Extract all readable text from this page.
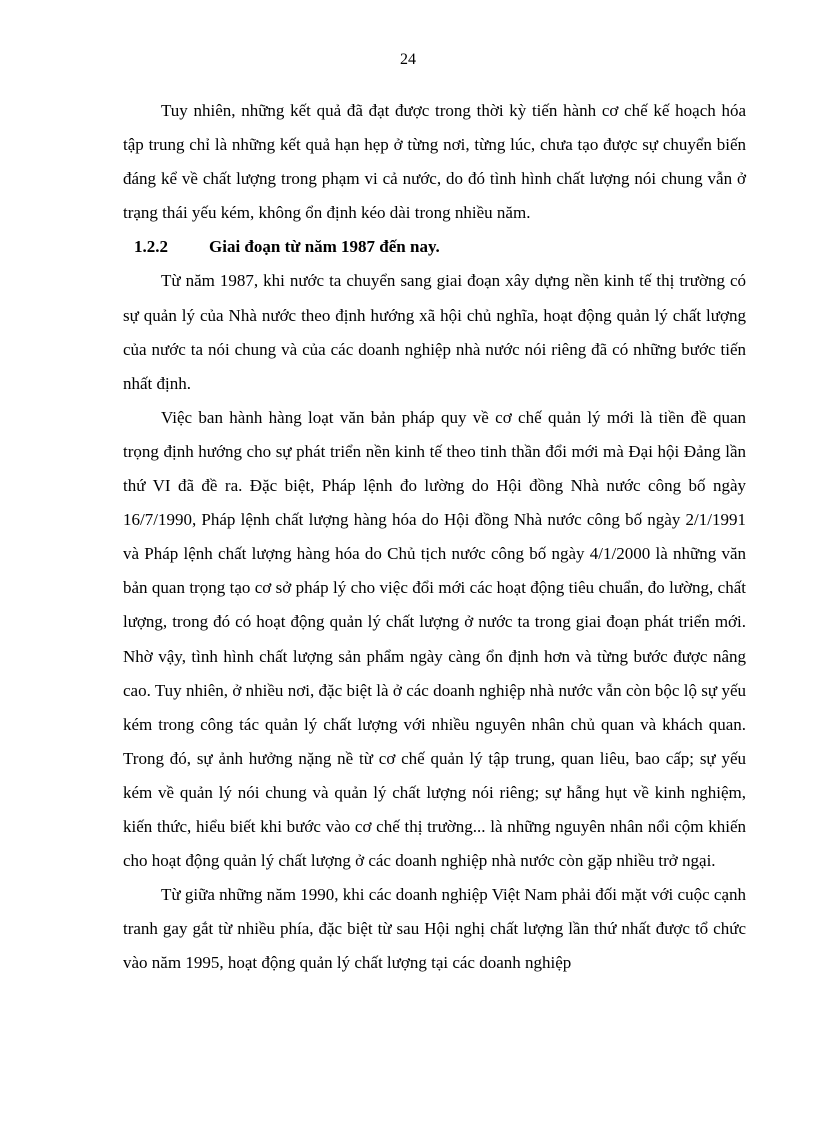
24

Tuy nhiên, những kết quả đã đạt được trong thời kỳ tiến hành cơ chế kế hoạch hóa tập trung chỉ là những kết quả hạn hẹp ở từng nơi, từng lúc, chưa tạo được sự chuyển biến đáng kể về chất lượng trong phạm vi cả nước, do đó tình hình chất lượng nói chung vẫn ở trạng thái yếu kém, không ổn định kéo dài trong nhiều năm.

1.2.2 Giai đoạn từ năm 1987 đến nay.

Từ năm 1987, khi nước ta chuyển sang giai đoạn xây dựng nền kinh tế thị trường có sự quản lý của Nhà nước theo định hướng xã hội chủ nghĩa, hoạt động quản lý chất lượng của nước ta nói chung và của các doanh nghiệp nhà nước nói riêng đã có những bước tiến nhất định.

Việc ban hành hàng loạt văn bản pháp quy về cơ chế quản lý mới là tiền đề quan trọng định hướng cho sự phát triển nền kinh tế theo tinh thần đổi mới mà Đại hội Đảng lần thứ VI đã đề ra. Đặc biệt, Pháp lệnh đo lường do Hội đồng Nhà nước công bố ngày 16/7/1990, Pháp lệnh chất lượng hàng hóa do Hội đồng Nhà nước công bố ngày 2/1/1991 và Pháp lệnh chất lượng hàng hóa do Chủ tịch nước công bố ngày 4/1/2000 là những văn bản quan trọng tạo cơ sở pháp lý cho việc đổi mới các hoạt động tiêu chuẩn, đo lường, chất lượng, trong đó có hoạt động quản lý chất lượng ở nước ta trong giai đoạn phát triển mới. Nhờ vậy, tình hình chất lượng sản phẩm ngày càng ổn định hơn và từng bước được nâng cao. Tuy nhiên, ở nhiều nơi, đặc biệt là ở các doanh nghiệp nhà nước vẫn còn bộc lộ sự yếu kém trong công tác quản lý chất lượng với nhiều nguyên nhân chủ quan và khách quan. Trong đó, sự ảnh hưởng nặng nề từ cơ chế quản lý tập trung, quan liêu, bao cấp; sự yếu kém về quản lý nói chung và quản lý chất lượng nói riêng; sự hẫng hụt về kinh nghiệm, kiến thức, hiểu biết khi bước vào cơ chế thị trường... là những nguyên nhân nổi cộm khiến cho hoạt động quản lý chất lượng ở các doanh nghiệp nhà nước còn gặp nhiều trở ngại.

Từ giữa những năm 1990, khi các doanh nghiệp Việt Nam phải đối mặt với cuộc cạnh tranh gay gắt từ nhiều phía, đặc biệt từ sau Hội nghị chất lượng lần thứ nhất được tổ chức vào năm 1995, hoạt động quản lý chất lượng tại các doanh nghiệp
